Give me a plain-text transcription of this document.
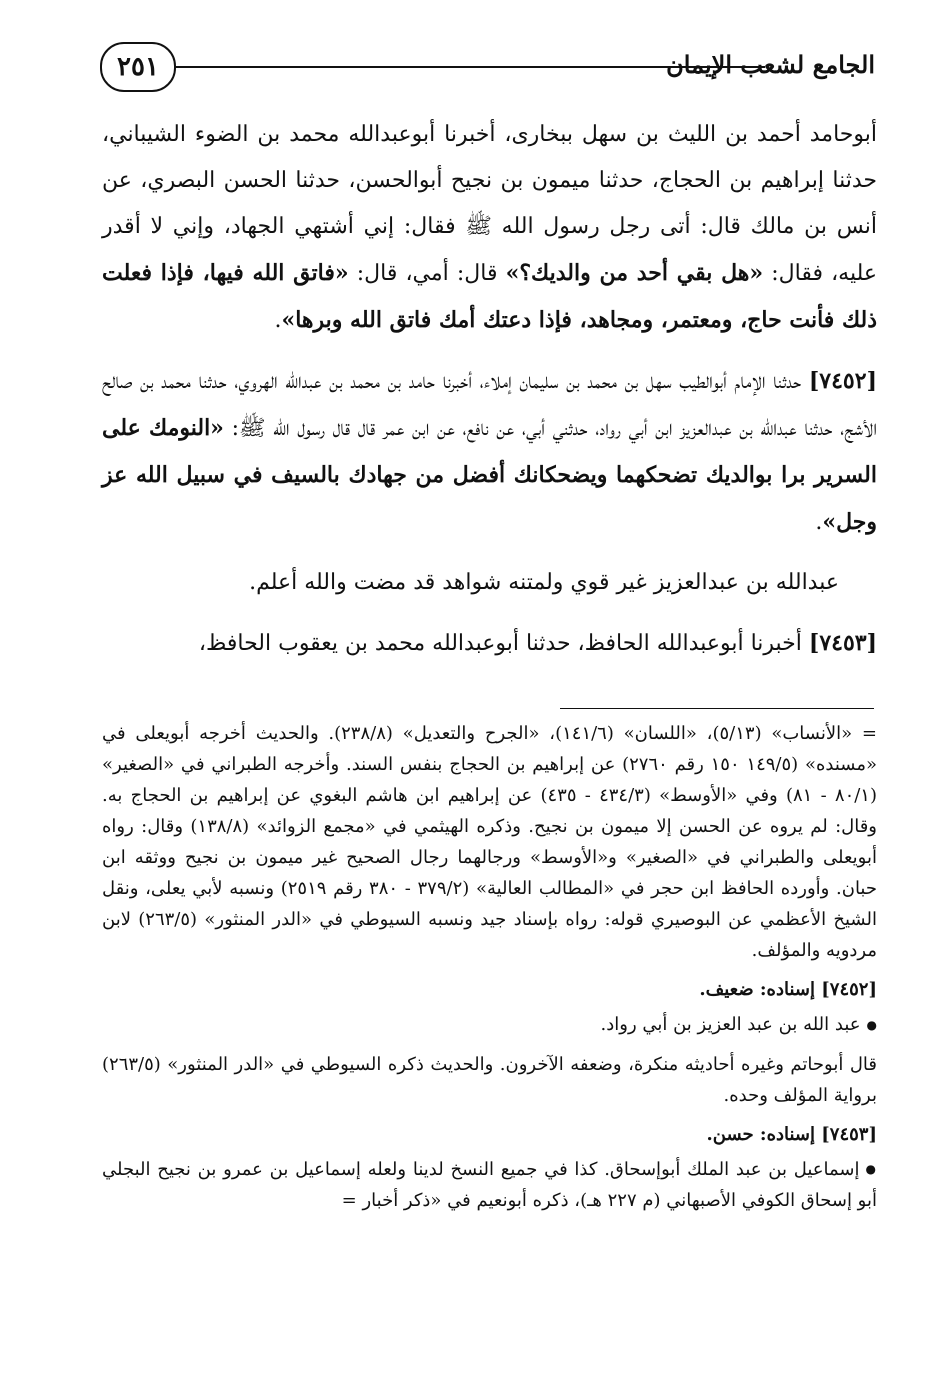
٢٥١	الجامع لشعب الإيمان

أبوحامد أحمد بن الليث بن سهل ببخارى، أخبرنا أبوعبدالله محمد بن الضوء الشيباني، حدثنا إبراهيم بن الحجاج، حدثنا ميمون بن نجيح أبوالحسن، حدثنا الحسن البصري، عن أنس بن مالك قال: أتى رجل رسول الله ﷺ فقال: إني أشتهي الجهاد، وإني لا أقدر عليه، فقال: «هل بقي أحد من والديك؟» قال: أمي، قال: «فاتق الله فيها، فإذا فعلت ذلك فأنت حاج، ومعتمر، ومجاهد، فإذا دعتك أمك فاتق الله وبرها».

[٧٤٥٢] حدثنا الإمام أبوالطيب سهل بن محمد بن سليمان إملاء، أخبرنا حامد بن محمد بن عبدالله الهروي، حدثنا محمد بن صالح الأشج، حدثنا عبدالله بن عبدالعزيز ابن أبي رواد، حدثني أبي، عن نافع، عن ابن عمر قال قال رسول الله ﷺ: «النومك على السرير برا بوالديك تضحكهما ويضحكانك أفضل من جهادك بالسيف في سبيل الله عز وجل».

عبدالله بن عبدالعزيز غير قوي ولمتنه شواهد قد مضت والله أعلم.

[٧٤٥٣] أخبرنا أبوعبدالله الحافظ، حدثنا أبوعبدالله محمد بن يعقوب الحافظ،

= «الأنساب» (٥/١٣)، «اللسان» (١٤١/٦)، «الجرح والتعديل» (٢٣٨/٨). والحديث أخرجه أبويعلى في «مسنده» (١٤٩/٥ ١٥٠ رقم ٢٧٦٠) عن إبراهيم بن الحجاج بنفس السند. وأخرجه الطبراني في «الصغير» (٨٠/١ - ٨١) وفي «الأوسط» (٤٣٤/٣ - ٤٣٥) عن إبراهيم ابن هاشم البغوي عن إبراهيم بن الحجاج به. وقال: لم يروه عن الحسن إلا ميمون بن نجيح. وذكره الهيثمي في «مجمع الزوائد» (١٣٨/٨) وقال: رواه أبويعلى والطبراني في «الصغير» و«الأوسط» ورجالهما رجال الصحيح غير ميمون بن نجيح ووثقه ابن حبان. وأورده الحافظ ابن حجر في «المطالب العالية» (٣٧٩/٢ - ٣٨٠ رقم ٢٥١٩) ونسبه لأبي يعلى، ونقل الشيخ الأعظمي عن البوصيري قوله: رواه بإسناد جيد ونسبه السيوطي في «الدر المنثور» (٢٦٣/٥) لابن مردويه والمؤلف.

[٧٤٥٢] إسناده: ضعيف.

● عبد الله بن عبد العزيز بن أبي رواد.

قال أبوحاتم وغيره أحاديثه منكرة، وضعفه الآخرون. والحديث ذكره السيوطي في «الدر المنثور» (٢٦٣/٥) برواية المؤلف وحده.

[٧٤٥٣] إسناده: حسن.

● إسماعيل بن عبد الملك أبوإسحاق. كذا في جميع النسخ لدينا ولعله إسماعيل بن عمرو بن نجيح البجلي أبو إسحاق الكوفي الأصبهاني (م ٢٢٧ هـ)، ذكره أبونعيم في «ذكر أخبار =
